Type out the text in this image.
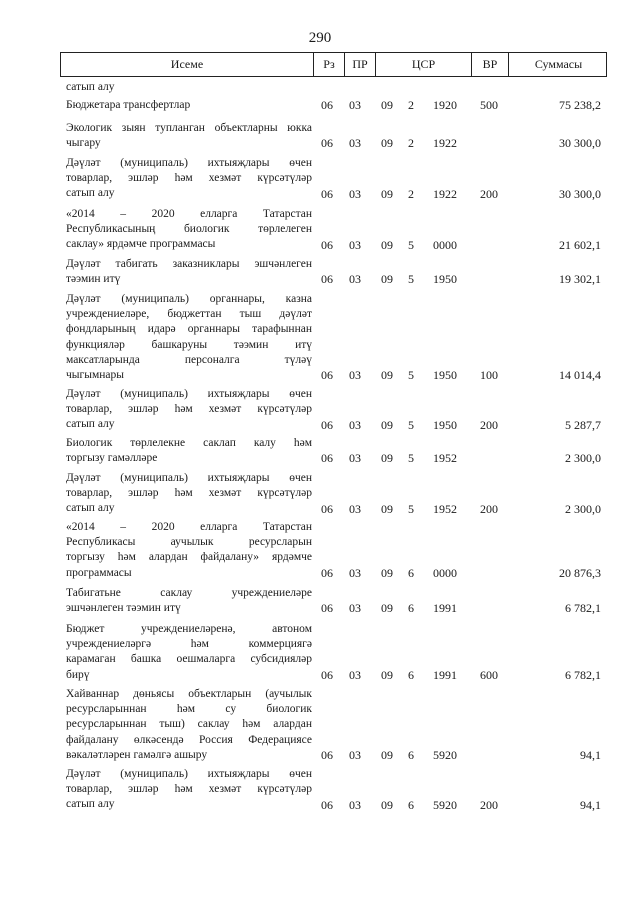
290
Исеме	Рз	ПР	ЦСР	ВР	Суммасы
сатып алу
Бюджетара трансфертлар	06	03	09	2	1920	500	75 238,2
Экологик зыян тупланган объектларны юкка
чыгару	06	03	09	2	1922	30 300,0
Дәүләт (муниципаль) ихтыяҗлары өчен
товарлар, эшләр һәм хезмәт күрсәтүләр
сатып алу	06	03	09	2	1922	200	30 300,0
«2014 – 2020 елларга Татарстан
Республикасының биологик төрлелеген
саклау» ярдәмче программасы	06	03	09	5	0000	21 602,1
Дәүләт табигать заказниклары эшчәнлеген
тәэмин итү	06	03	09	5	1950	19 302,1
Дәүләт (муниципаль) органнары, казна
учреждениеләре, бюджеттан тыш дәүләт
фондларының идарә органнары тарафыннан
функцияләр башкаруны тәэмин итү
максатларында персоналга түләү
чыгымнары	06	03	09	5	1950	100	14 014,4
Дәүләт (муниципаль) ихтыяҗлары өчен
товарлар, эшләр һәм хезмәт күрсәтүләр
сатып алу	06	03	09	5	1950	200	5 287,7
Биологик төрлелекне саклап калу һәм
торгызу гамәлләре	06	03	09	5	1952	2 300,0
Дәүләт (муниципаль) ихтыяҗлары өчен
товарлар, эшләр һәм хезмәт күрсәтүләр
сатып алу	06	03	09	5	1952	200	2 300,0
«2014 – 2020 елларга Татарстан
Республикасы аучылык ресурсларын
торгызу һәм алардан файдалану» ярдәмче
программасы	06	03	09	6	0000	20 876,3
Табигатьне саклау учреждениеләре
эшчәнлеген тәэмин итү	06	03	09	6	1991	6 782,1
Бюджет учреждениеләренә, автоном
учреждениеләргә һәм коммерциягә
карамаган башка оешмаларга субсидияләр
бирү	06	03	09	6	1991	600	6 782,1
Хайваннар дөньясы объектларын (аучылык
ресурсларыннан һәм су биологик
ресурсларыннан тыш) саклау һәм алардан
файдалану өлкәсендә Россия Федерациясе
вәкаләтләрен гамәлгә ашыру	06	03	09	6	5920	94,1
Дәүләт (муниципаль) ихтыяҗлары өчен
товарлар, эшләр һәм хезмәт күрсәтүләр
сатып алу	06	03	09	6	5920	200	94,1
